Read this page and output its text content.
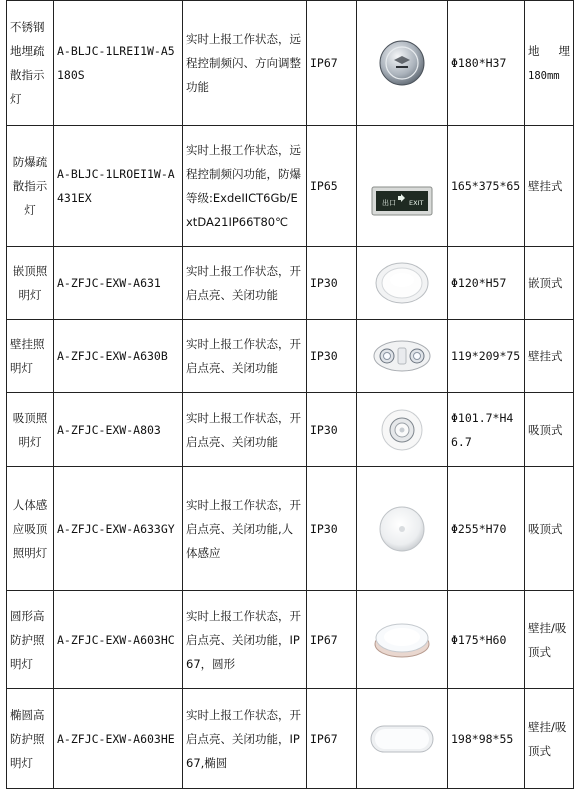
不锈钢地埋疏散指示灯	A-BLJC-1LREI1W-A5180S	实时上报工作状态，远程控制频闪、方向调整功能	IP67		Φ180*H37	地 埋
180mm
防爆疏散指示灯	A-BLJC-1LROEI1W-A431EX	实时上报工作状态，远程控制频闪功能，防爆等级:ExdeIICT6Gb/ExtDA21IP66T80℃	IP65	出口 EXIT	165*375*65	壁挂式
嵌顶照明灯	A-ZFJC-EXW-A631	实时上报工作状态，开启点亮、关闭功能	IP30		Φ120*H57	嵌顶式
壁挂照明灯	A-ZFJC-EXW-A630B	实时上报工作状态，开启点亮、关闭功能	IP30		119*209*75	壁挂式
吸顶照明灯	A-ZFJC-EXW-A803	实时上报工作状态，开启点亮、关闭功能	IP30		Φ101.7*H46.7	吸顶式
人体感应吸顶照明灯	A-ZFJC-EXW-A633GY	实时上报工作状态，开启点亮、关闭功能,人体感应	IP30		Φ255*H70	吸顶式
圆形高防护照明灯	A-ZFJC-EXW-A603HC	实时上报工作状态，开启点亮、关闭功能，IP67，圆形	IP67		Φ175*H60	壁挂/吸顶式
椭圆高防护照明灯	A-ZFJC-EXW-A603HE	实时上报工作状态，开启点亮、关闭功能，IP67,椭圆	IP67		198*98*55	壁挂/吸顶式
